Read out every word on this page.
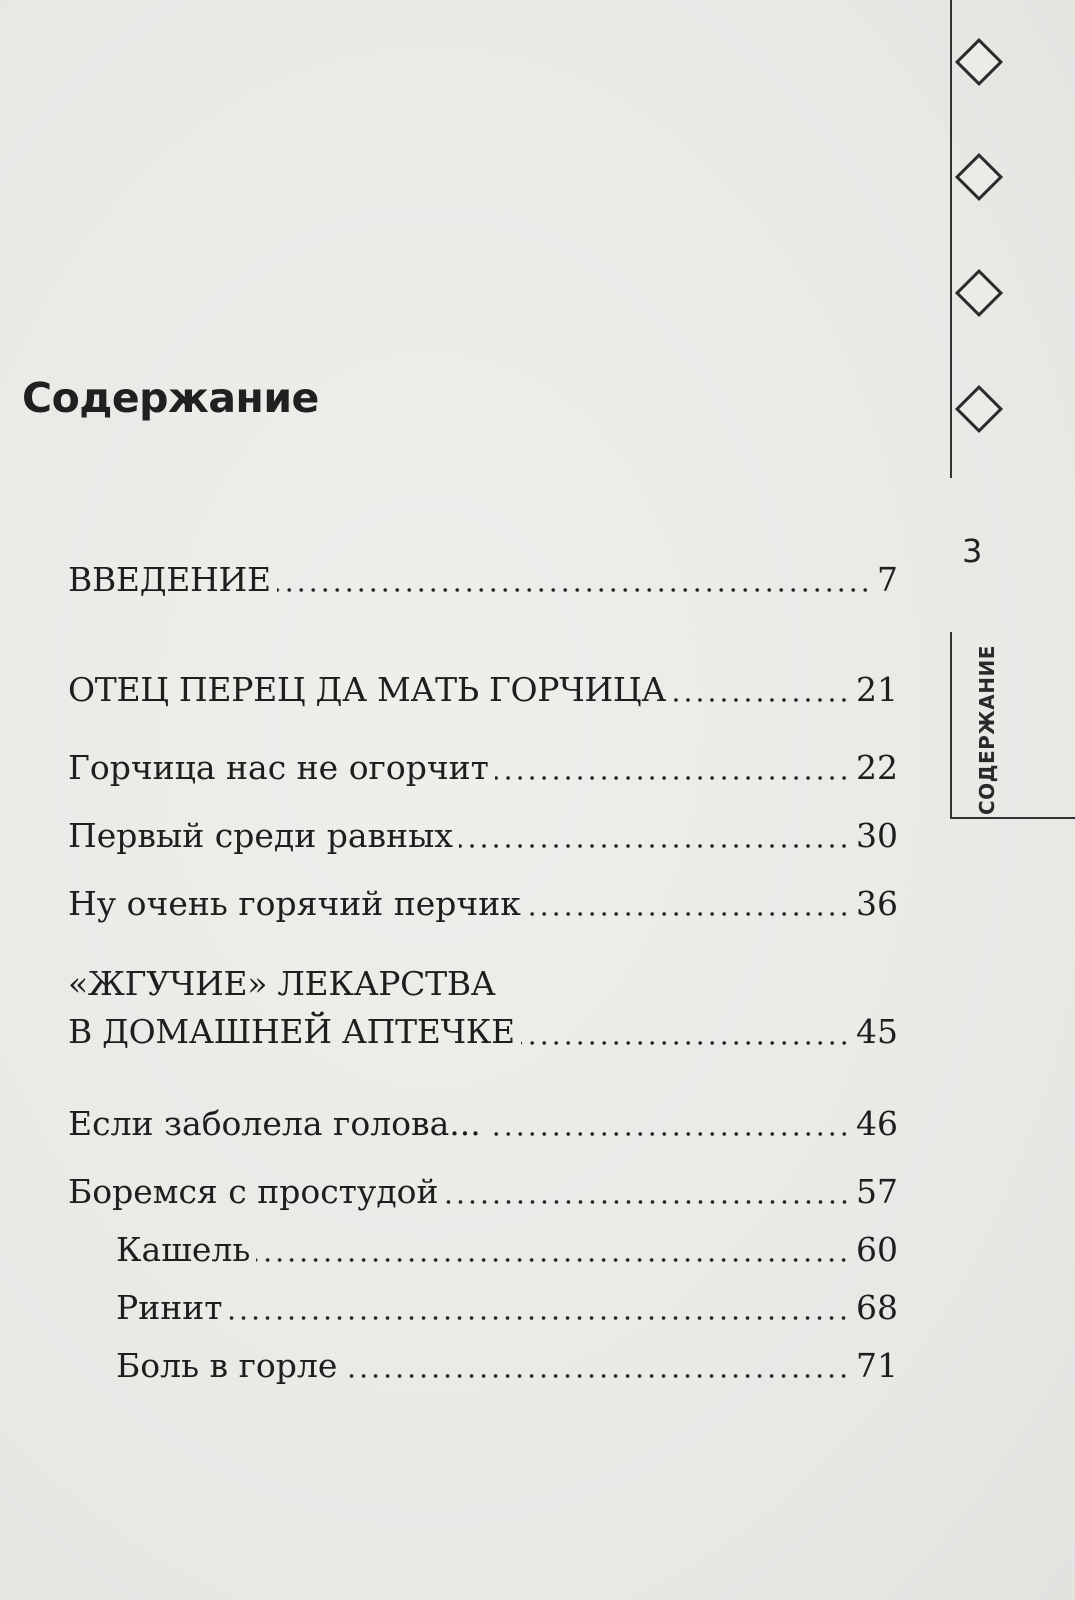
Содержание
ВВЕДЕНИЕ	7
ОТЕЦ ПЕРЕЦ ДА МАТЬ ГОРЧИЦА	21
Горчица нас не огорчит	22
Первый среди равных	30
Ну очень горячий перчик	36
«ЖГУЧИЕ» ЛЕКАРСТВА
В ДОМАШНЕЙ АПТЕЧКЕ	45
Если заболела голова...	46
Боремся с простудой	57
Кашель	60
Ринит	68
Боль в горле	71
3
СОДЕРЖАНИЕ
